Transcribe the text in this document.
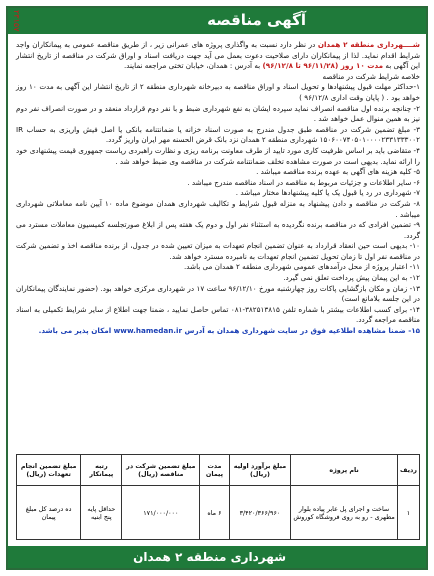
۲۳۱۵۷	آگهی مناقصه

شــــهرداری منطقه ۲ همدان در نظر دارد نسبت به واگذاری پروژه های عمرانی زیر ، از طریق مناقصه عمومی به پیمانکاران واجد شرایط اقدام نماید. لذا از پیمانکاران دارای صلاحیت دعوت بعمل می آید جهت دریافت اسناد و اوراق شرکت در مناقصه از تاریخ انتشار این آگهی به مدت ۱۰ روز (۹۶/۱۱/۲۸ تا ۹۶/۱۲/۸) به آدرس : همدان، خیابان تختی مراجعه نمایند.

خلاصه شرایط شرکت در مناقصه

۱-حداکثر مهلت قبول پیشنهادها و تحویل اسناد و اوراق مناقصه به دبیرخانه شهرداری منطقه ۲ از تاریخ انتشار این آگهی به مدت ۱۰ روز خواهد بود . ( پایان وقت اداری ۹۶/۱۲/۸ )

۲- چنانچه برنده اول مناقصه انصراف نماید سپرده ایشان به نفع شهرداری ضبط و با نفر دوم قرارداد منعقد و در صورت انصراف نفر دوم نیز به همین منوال عمل خواهد شد .

۳- مبلغ تضمین شرکت در مناقصه طبق جدول مندرج به صورت اسناد خزانه یا ضمانتنامه بانکی یا اصل فیش واریزی به حساب IR ۱۵۰۶۰۰۷۴۰۵۰۱۰۰۰۰۲۳۳۱۳۳۳۰۰۲ شهرداری منطقه ۲ همدان نزد بانک قرض الحسنه مهر ایران واریز گردد.

۴- متقاضی باید بر اساس ظرفیت کاری مورد تایید از طرف معاونت برنامه ریزی و نظارت راهبردی ریاست جمهوری قیمت پیشنهادی خود را ارائه نماید. بدیهی است در صورت مشاهده تخلف ضمانتنامه شرکت در مناقصه وی ضبط خواهد شد .

۵- کلیه هزینه های آگهی به عهده برنده مناقصه میباشد .

۶- سایر اطلاعات و جزئیات مربوط به مناقصه در اسناد مناقصه مندرج میباشد .

۷- شهرداری در رد یا قبول یک یا کلیه پیشنهادها مختار میباشد .

۸- شرکت در مناقصه و دادن پیشنهاد به منزله قبول شرایط و تکالیف شهرداری همدان موضوع ماده ۱۰ آیین نامه معاملاتی شهرداری میباشد .

۹- تضمین افرادی که در مناقصه برنده نگردیده به استثناء نفر اول و دوم یک هفته پس از ابلاغ صورتجلسه کمیسیون معاملات مسترد می گردد.

۱۰- بدیهی است حین انعقاد قرارداد به عنوان تضمین انجام تعهدات به میزان تعیین شده در جدول، از برنده مناقصه اخذ و تضمین شرکت در مناقصه نفر اول تا زمان تحویل تضمین انجام تعهدات به نامبرده مسترد خواهد شد.

۱۱- اعتبار پروژه از محل درآمدهای عمومی شهرداری منطقه ۲ همدان می باشد.

۱۲- به این پیمان پیش پرداخت تعلق نمی گیرد.

۱۳- زمان و مکان بازگشایی پاکات روز چهارشنبه مورخ ۹۶/۱۲/۱۰ ساعت ۱۷ در شهرداری مرکزی خواهد بود. (حضور نمایندگان پیمانکاران در این جلسه بلامانع است)

۱۴- برای کسب اطلاعات بیشتر با شماره تلفن ۳۸۲۵۱۳۸۱۵-۰۸۱ تماس حاصل نمایید ، ضمنا جهت اطلاع از سایر شرایط تکمیلی به اسناد مناقصه مراجعه گردد.

۱۵- ضمنا مشاهده اطلاعیه فوق در سایت شهرداری همدان به آدرس www.hamedan.ir امکان پذیر می باشد.

ردیف	نام پروژه	مبلغ برآورد اولیه (ریال)	مدت پیمان	مبلغ تضمین شرکت در مناقصه (ریال)	رتبه پیمانکار	مبلغ تضمین انجام تعهدات (ریال)
۱	ساخت و اجرای پل عابر پیاده بلوار مطهری - رو به روی فروشگاه کوروش	۳/۴۲۰/۳۶۶/۹۶۰	۶ ماه	۱۷۱/۰۰۰/۰۰۰	حداقل پایه پنج ابنیه	ده درصد کل مبلغ پیمان
شهرداری منطقه ۲ همدان
